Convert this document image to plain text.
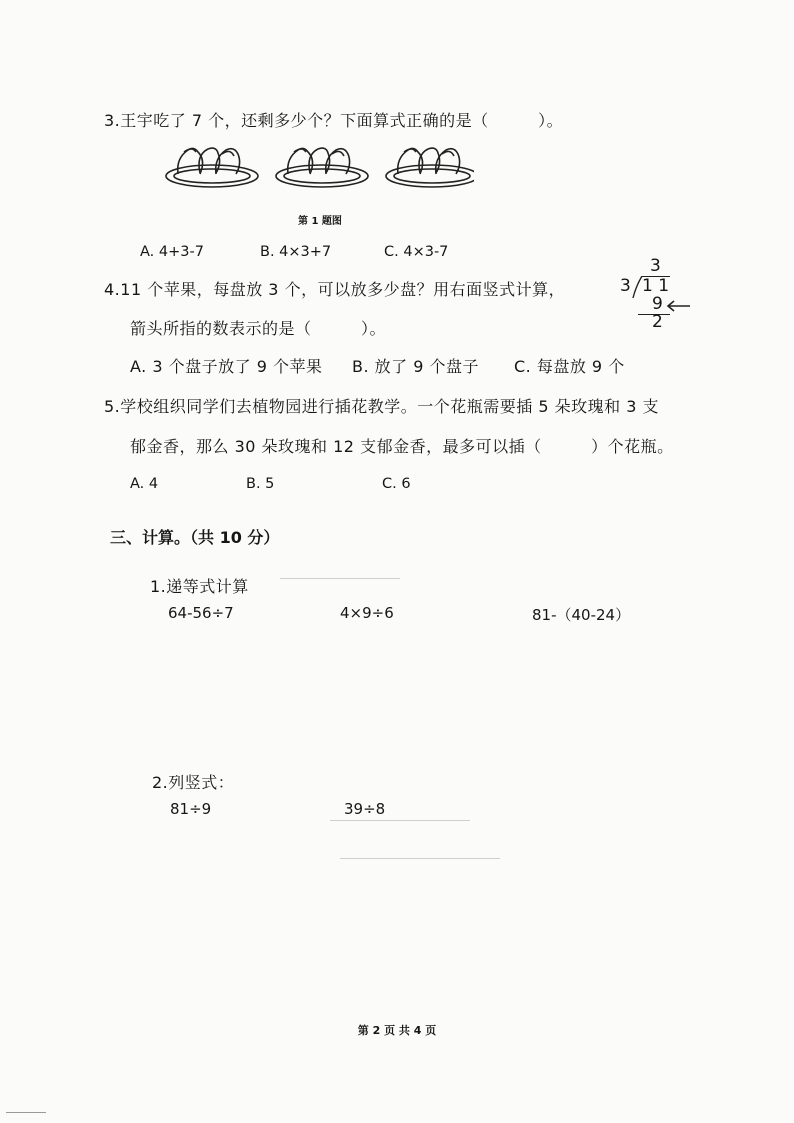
3.王宇吃了 7 个，还剩多少个？下面算式正确的是（　　　）。
第 1 题图
A. 4+3-7	B. 4×3+7	C. 4×3-7
4.11 个苹果，每盘放 3 个，可以放多少盘？用右面竖式计算，
箭头所指的数表示的是（　　　）。
3
3 1 1
9
2
A. 3 个盘子放了 9 个苹果 B. 放了 9 个盘子 C. 每盘放 9 个
5.学校组织同学们去植物园进行插花教学。一个花瓶需要插 5 朵玫瑰和 3 支
郁金香，那么 30 朵玫瑰和 12 支郁金香，最多可以插（　　　）个花瓶。
A. 4	B. 5	C. 6
三、计算。（共 10 分）
1.递等式计算
64-56÷7	4×9÷6	81-（40-24）
2.列竖式：
81÷9	39÷8
第 2 页 共 4 页
